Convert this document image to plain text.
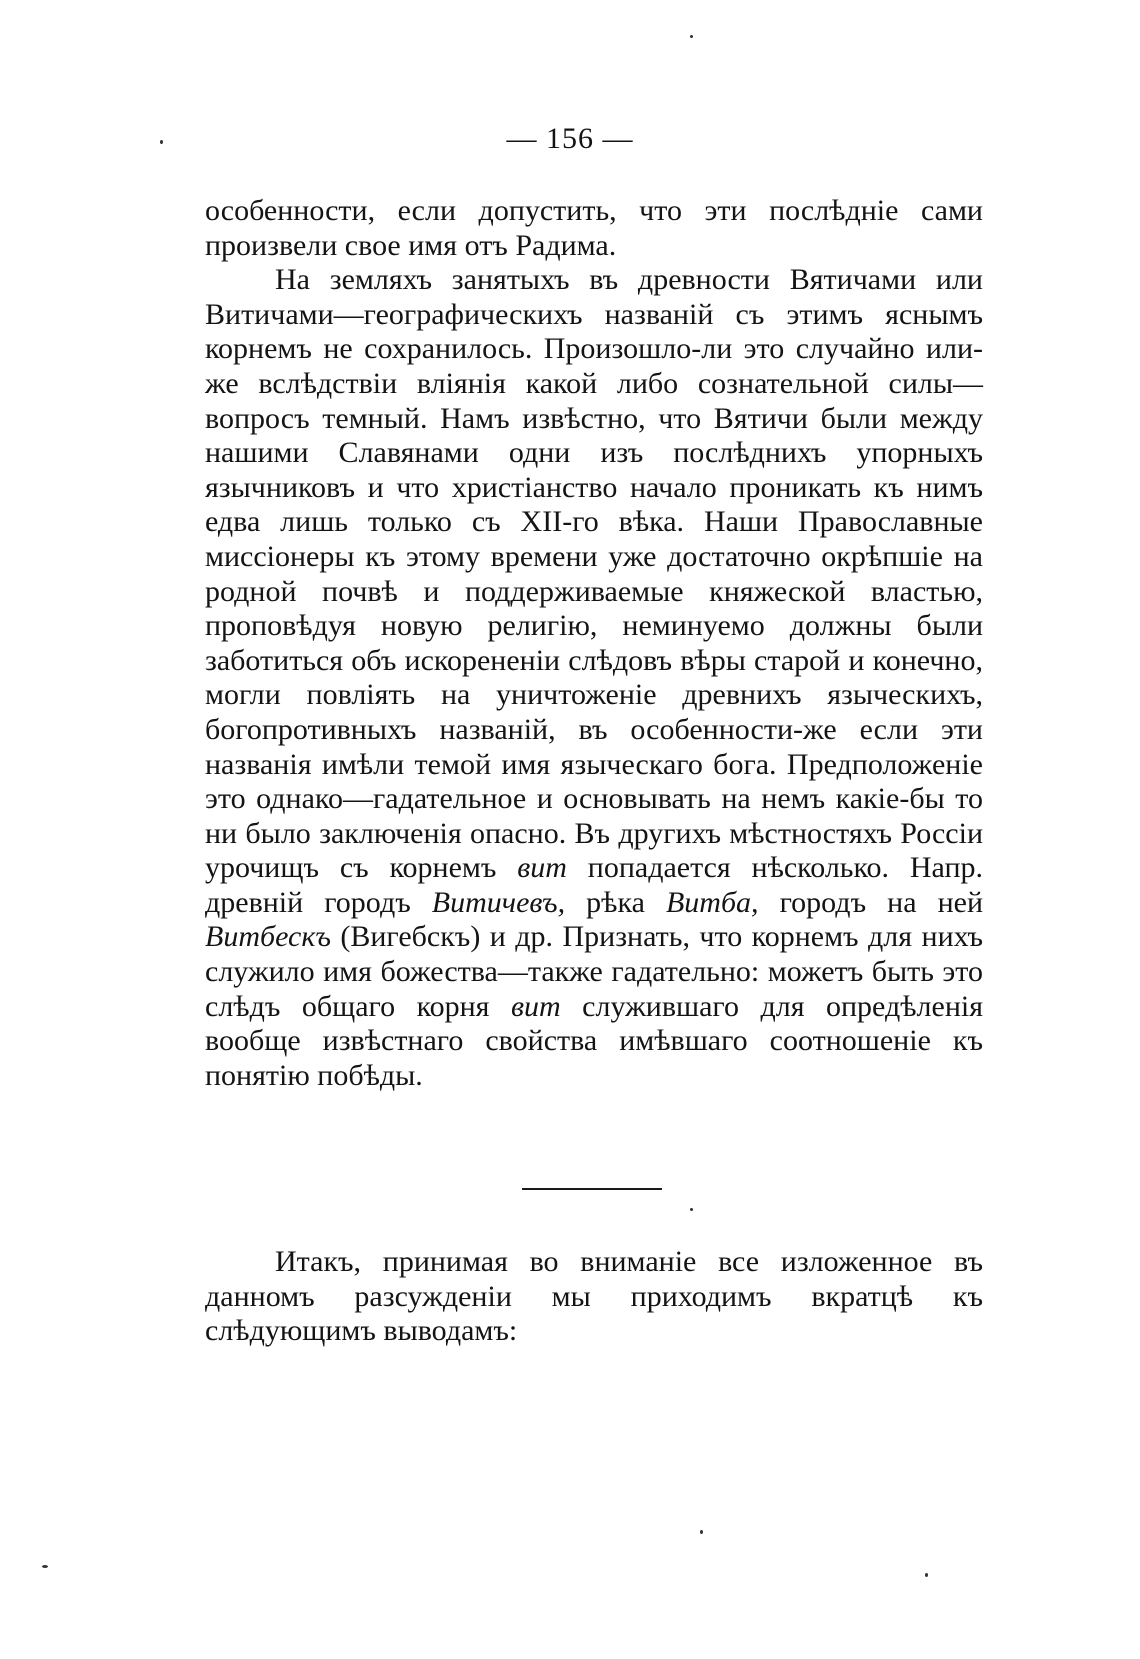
— 156 —

особенности, если допустить, что эти послѣдніе сами произвели свое имя отъ Радима.

На земляхъ занятыхъ въ древности Вятичами или Витичами—географическихъ названій съ этимъ яснымъ корнемъ не сохранилось. Произошло-ли это случайно или-же вслѣдствіи вліянія какой либо сознательной силы—вопросъ темный. Намъ извѣстно, что Вятичи были между нашими Славянами одни изъ послѣднихъ упорныхъ язычниковъ и что христіанство начало проникать къ нимъ едва лишь только съ XII-го вѣка. Наши Православные миссіонеры къ этому времени уже достаточно окрѣпшіе на родной почвѣ и поддерживаемые княжеской властью, проповѣдуя новую религію, неминуемо должны были заботиться объ искорененіи слѣдовъ вѣры старой и конечно, могли повліять на уничтоженіе древнихъ языческихъ, богопротивныхъ названій, въ особенности-же если эти названія имѣли темой имя языческаго бога. Предположеніе это однако—гадательное и основывать на немъ какіе-бы то ни было заключенія опасно. Въ другихъ мѣстностяхъ Россіи урочищъ съ корнемъ вит попадается нѣсколько. Напр. древній городъ Витичевъ, рѣка Витба, городъ на ней Витбескъ (Вигебскъ) и др. Признать, что корнемъ для нихъ служило имя божества—также гадательно: можетъ быть это слѣдъ общаго корня вит служившаго для опредѣленія вообще извѣстнаго свойства имѣвшаго соотношеніе къ понятію побѣды.

Итакъ, принимая во вниманіе все изложенное въ данномъ разсужденіи мы приходимъ вкратцѣ къ слѣдующимъ выводамъ:
